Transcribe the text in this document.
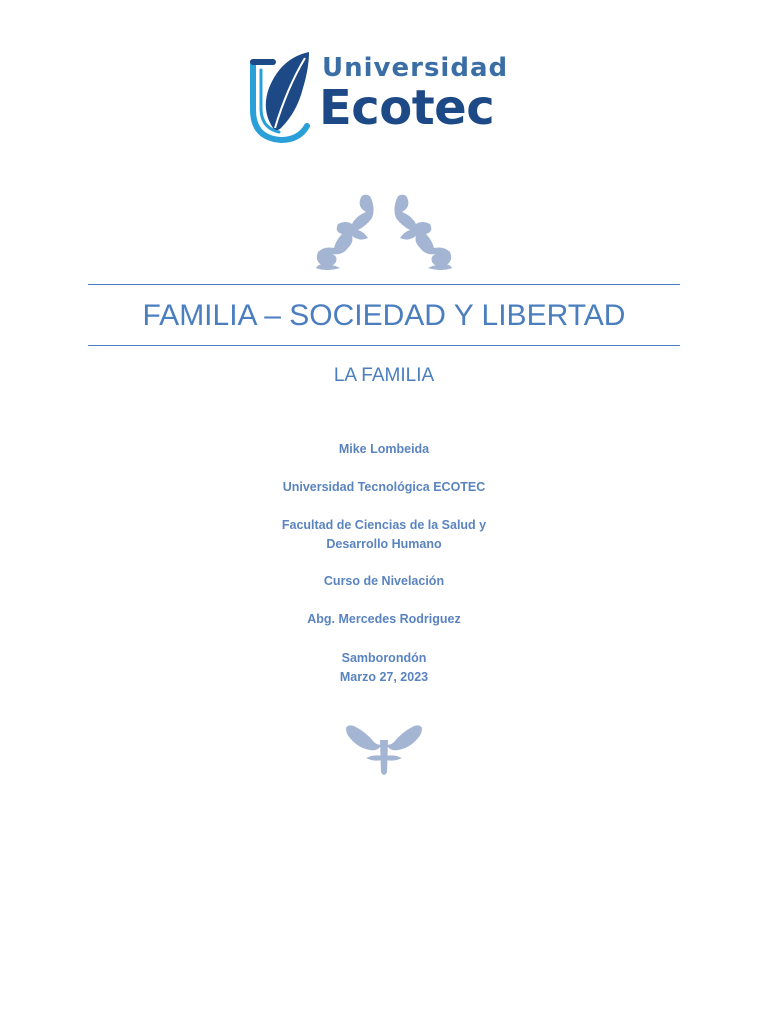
Universidad
Ecotec
FAMILIA – SOCIEDAD Y LIBERTAD
LA FAMILIA
Mike Lombeida
Universidad Tecnológica ECOTEC
Facultad de Ciencias de la Salud y
Desarrollo Humano
Curso de Nivelación
Abg. Mercedes Rodriguez
Samborondón
Marzo 27, 2023
